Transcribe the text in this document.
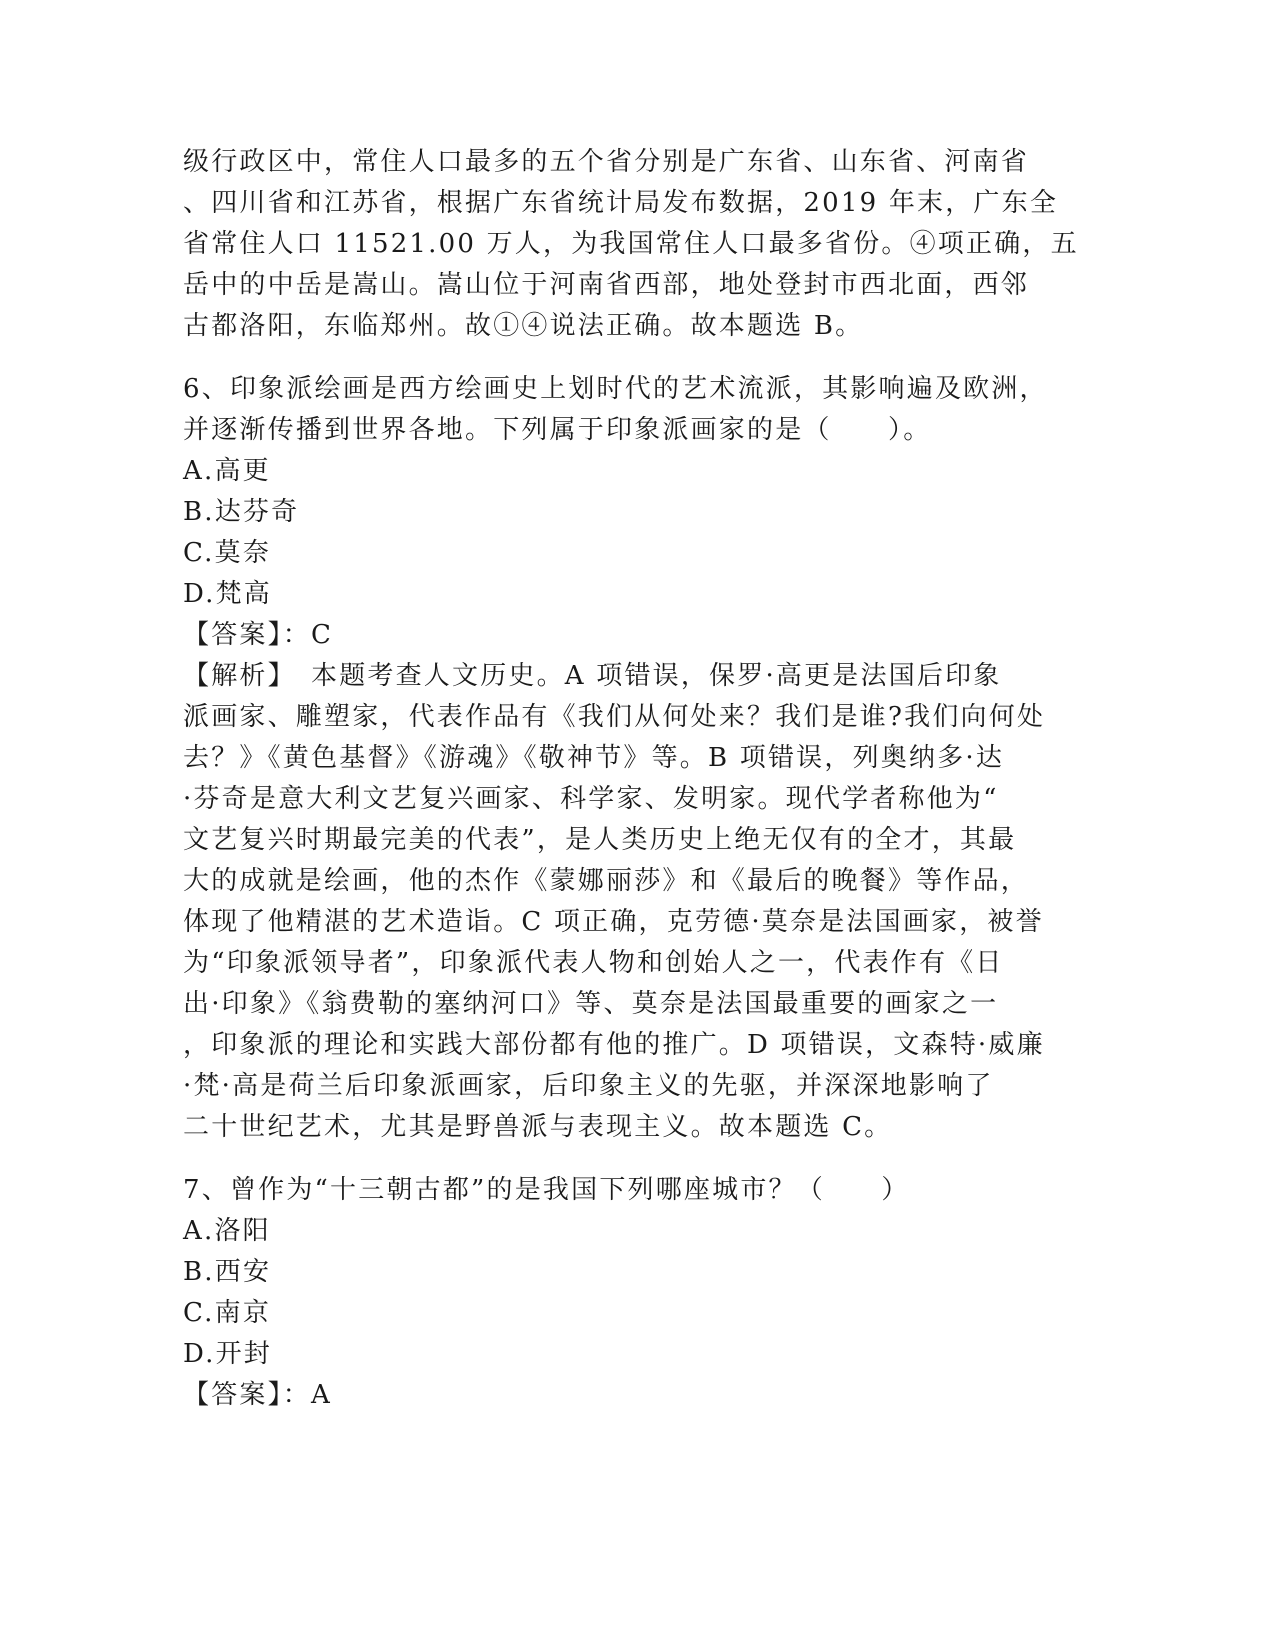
级行政区中，常住人口最多的五个省分别是广东省、山东省、河南省
、四川省和江苏省，根据广东省统计局发布数据，2019 年末，广东全
省常住人口 11521.00 万人，为我国常住人口最多省份。④项正确，五
岳中的中岳是嵩山。嵩山位于河南省西部，地处登封市西北面，西邻
古都洛阳，东临郑州。故①④说法正确。故本题选 B。
6、印象派绘画是西方绘画史上划时代的艺术流派，其影响遍及欧洲，
并逐渐传播到世界各地。下列属于印象派画家的是（　　）。
A.高更
B.达芬奇
C.莫奈
D.梵高
【答案】：C
【解析】　本题考查人文历史。A 项错误，保罗·高更是法国后印象
派画家、雕塑家，代表作品有《我们从何处来？我们是谁?我们向何处
去？》《黄色基督》《游魂》《敬神节》等。B 项错误，列奥纳多·达
·芬奇是意大利文艺复兴画家、科学家、发明家。现代学者称他为“
文艺复兴时期最完美的代表”，是人类历史上绝无仅有的全才，其最
大的成就是绘画，他的杰作《蒙娜丽莎》和《最后的晚餐》等作品，
体现了他精湛的艺术造诣。C 项正确，克劳德·莫奈是法国画家，被誉
为“印象派领导者”，印象派代表人物和创始人之一，代表作有《日
出·印象》《翁费勒的塞纳河口》等、莫奈是法国最重要的画家之一
，印象派的理论和实践大部份都有他的推广。D 项错误，文森特·威廉
·梵·高是荷兰后印象派画家，后印象主义的先驱，并深深地影响了
二十世纪艺术，尤其是野兽派与表现主义。故本题选 C。
7、曾作为“十三朝古都”的是我国下列哪座城市？（　　）
A.洛阳
B.西安
C.南京
D.开封
【答案】：A
